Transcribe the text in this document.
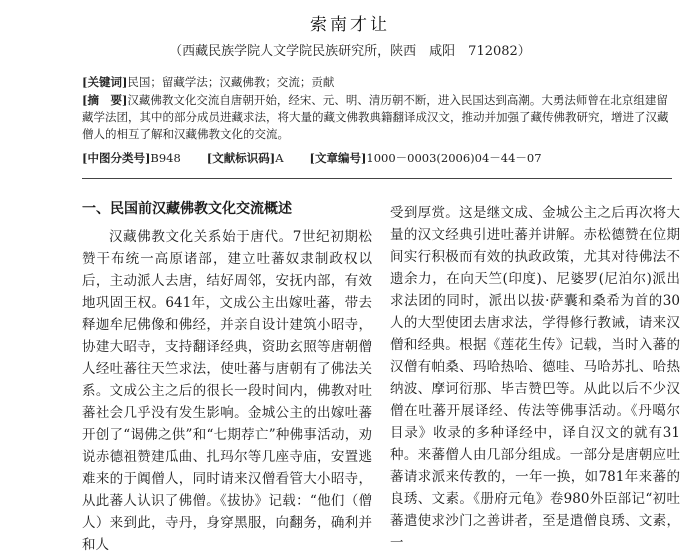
索南才让
（西藏民族学院人文学院民族研究所，陕西　咸阳　712082）
[关键词]民国；留藏学法；汉藏佛教；交流；贡献
[摘　要]汉藏佛教文化交流自唐朝开始，经宋、元、明、清历朝不断，进入民国达到高潮。大勇法师曾在北京组建留藏学法团，其中的部分成员进藏求法，将大量的藏文佛教典籍翻译成汉文，推动并加强了藏传佛教研究，增进了汉藏僧人的相互了解和汉藏佛教文化的交流。
[中图分类号]B948 [文献标识码]A [文章编号]1000－0003(2006)04－44－07
一、民国前汉藏佛教文化交流概述

汉藏佛教文化关系始于唐代。7世纪初期松赞干布统一高原诸部，建立吐蕃奴隶制政权以后，主动派人去唐，结好周邻，安抚内部，有效地巩固王权。641年，文成公主出嫁吐蕃，带去释迦牟尼佛像和佛经，并亲自设计建筑小昭寺，协建大昭寺，支持翻译经典，资助玄照等唐朝僧人经吐蕃往天竺求法，使吐蕃与唐朝有了佛法关系。文成公主之后的很长一段时间内，佛教对吐蕃社会几乎没有发生影响。金城公主的出嫁吐蕃开创了“谒佛之供”和“七期荐亡”种佛事活动，劝说赤德祖赞建瓜曲、扎玛尔等几座寺庙，安置逃难来的于阗僧人，同时请来汉僧看管大小昭寺，从此蕃人认识了佛僧。《拔协》记载：“他们（僧人）来到此，寺丹，身穿黑服，向翻务，确利并和人

受到厚赏。这是继文成、金城公主之后再次将大量的汉文经典引进吐蕃并讲解。赤松德赞在位期间实行积极而有效的执政政策，尤其对待佛法不遗余力，在向天竺(印度)、尼婆罗(尼泊尔)派出求法团的同时，派出以拔·萨囊和桑希为首的30人的大型使团去唐求法，学得修行教诫，请来汉僧和经典。根据《莲花生传》记载，当时入蕃的汉僧有帕桑、玛哈热哈、德哇、马哈苏扎、哈热纳波、摩诃衍那、毕吉赞巴等。从此以后不少汉僧在吐蕃开展译经、传法等佛事活动。《丹噶尔目录》收录的多种译经中，译自汉文的就有31种。来蕃僧人由几部分组成。一部分是唐朝应吐蕃请求派来传教的，一年一换，如781年来蕃的良琇、文素。《册府元龟》卷980外臣部记“初吐蕃遣使求沙门之善讲者，至是遣僧良琇、文素，一
